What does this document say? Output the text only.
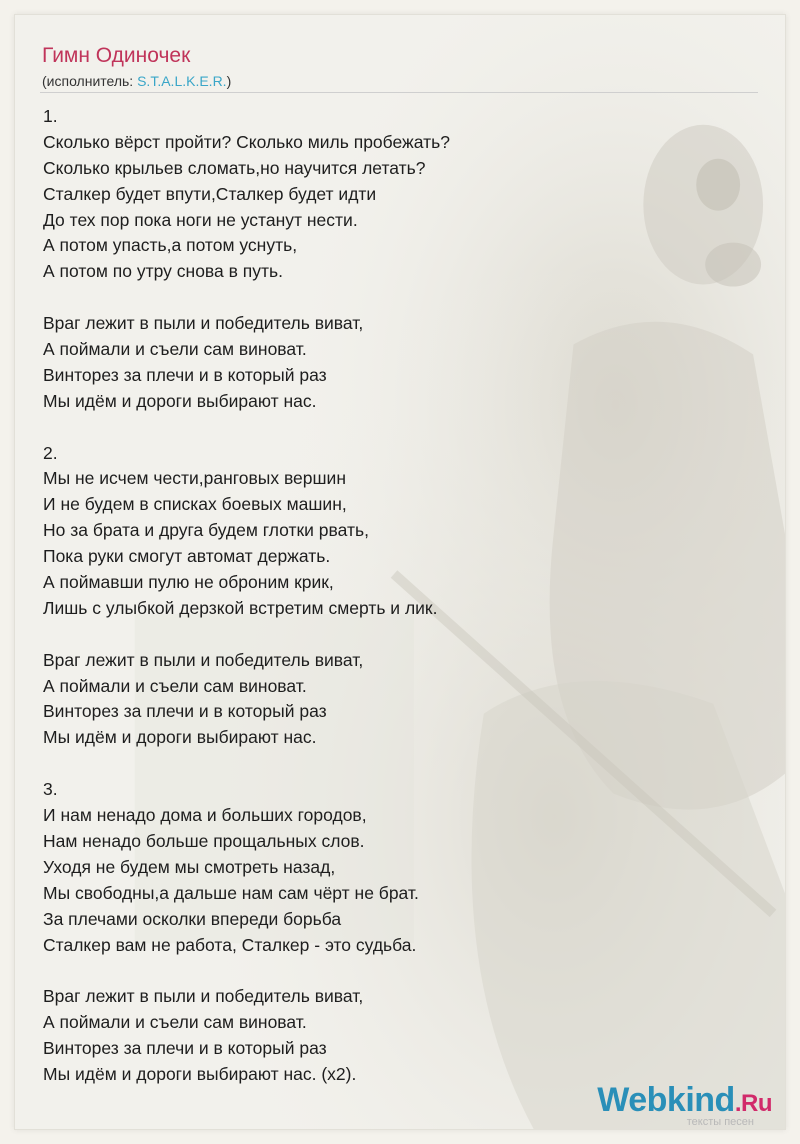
Гимн Одиночек
(исполнитель: S.T.A.L.K.E.R.)
1.
Сколько вёрст пройти? Сколько миль пробежать?
Сколько крыльев сломать,но научится летать?
Сталкер будет впути,Сталкер будет идти
До тех пор пока ноги не устанут нести.
А потом упасть,а потом уснуть,
А потом по утру снова в путь.
Враг лежит в пыли и победитель виват,
А поймали и съели сам виноват.
Винторез за плечи и в который раз
Мы идём и дороги выбирают нас.
2.
Мы не исчем чести,ранговых вершин
И не будем в списках боевых машин,
Но за брата и друга будем глотки рвать,
Пока руки смогут автомат держать.
А поймавши пулю не оброним крик,
Лишь с улыбкой дерзкой встретим смерть и лик.
Враг лежит в пыли и победитель виват,
А поймали и съели сам виноват.
Винторез за плечи и в который раз
Мы идём и дороги выбирают нас.
3.
И нам ненадо дома и больших городов,
Нам ненадо больше прощальных слов.
Уходя не будем мы смотреть назад,
Мы свободны,а дальше нам сам чёрт не брат.
За плечами осколки впереди борьба
Сталкер вам не работа, Сталкер - это судьба.
Враг лежит в пыли и победитель виват,
А поймали и съели сам виноват.
Винторез за плечи и в который раз
Мы идём и дороги выбирают нас. (x2).
Webkind.Ru
тексты песен
